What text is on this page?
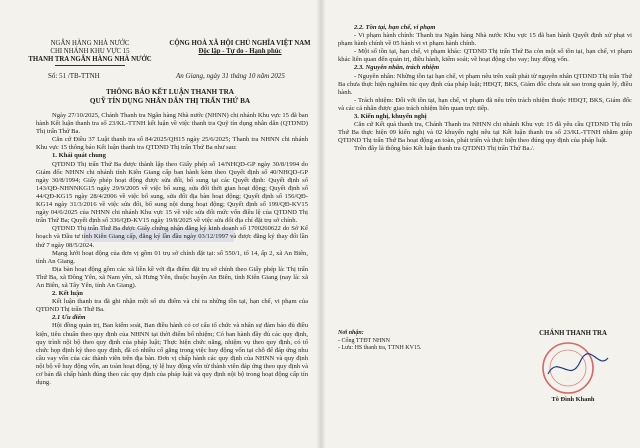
NGÂN HÀNG NHÀ NƯỚC
CHI NHÁNH KHU VỰC 15
THANH TRA NGÂN HÀNG NHÀ NƯỚC
Số: 51 /TB-TTNH
CỘNG HOÀ XÃ HỘI CHỦ NGHĨA VIỆT NAM
Độc lập - Tự do - Hạnh phúc
An Giang, ngày 31 tháng 10 năm 2025
THÔNG BÁO KẾT LUẬN THANH TRA
QUỸ TÍN DỤNG NHÂN DÂN THỊ TRẤN THỨ BA

Ngày 27/10/2025, Chánh Thanh tra Ngân hàng Nhà nước (NHNN) chi nhánh Khu vực 15 đã ban hành Kết luận thanh tra số 23/KL-TTNH kết luận về việc thanh tra Quỹ tín dụng nhân dân (QTDND) Thị trấn Thứ Ba.

Căn cứ Điều 37 Luật thanh tra số 84/2025/QH15 ngày 25/6/2025; Thanh tra NHNN chi nhánh Khu vực 15 thông báo Kết luận thanh tra QTDND Thị trấn Thứ Ba như sau:

1. Khái quát chung

QTDND Thị trấn Thứ Ba được thành lập theo Giấy phép số 14/NHQD-GP ngày 30/8/1994 do Giám đốc NHNN chi nhánh tỉnh Kiên Giang cấp ban hành kèm theo Quyết định số 40/NHQD-GP ngày 30/8/1994; Giấy phép hoạt động được sửa đổi, bổ sung tại các Quyết định: Quyết định số 143/QĐ-NHNNKG15 ngày 29/9/2005 về việc bổ sung, sửa đổi thời gian hoạt động; Quyết định số 44/QĐ-KG15 ngày 28/4/2006 về việc bổ sung, sửa đổi địa bàn hoạt động; Quyết định số 156/QĐ-KG14 ngày 31/3/2016 về việc sửa đổi, bổ sung nội dung hoạt động; Quyết định số 199/QĐ-KV15 ngày 04/6/2025 của NHNN chi nhánh Khu vực 15 về việc sửa đổi mức vốn điều lệ của QTDND Thị trấn Thứ Ba; Quyết định số 336/QĐ-KV15 ngày 19/8/2025 về việc sửa đổi địa chỉ đặt trụ sở chính.

QTDND Thị trấn Thứ Ba được Giấy chứng nhận đăng ký kinh doanh số 1700260622 do Sở Kế hoạch và Đầu tư tỉnh Kiên Giang cấp, đăng ký lần đầu ngày 03/12/1997 và được đăng ký thay đổi lần thứ 7 ngày 08/5/2024.

Mạng lưới hoạt động của đơn vị gồm 01 trụ sở chính đặt tại: số 550/1, tổ 14, ấp 2, xã An Biên, tỉnh An Giang.

Địa bàn hoạt động gồm các xã liền kề với địa điểm đặt trụ sở chính theo Giấy phép là: Thị trấn Thứ Ba, xã Đông Yên, xã Nam yên, xã Hưng Yên, thuộc huyện An Biên, tỉnh Kiên Giang (nay là: xã An Biên, xã Tây Yên, tỉnh An Giang).

2. Kết luận

Kết luận thanh tra đã ghi nhận một số ưu điểm và chỉ ra những tồn tại, hạn chế, vi phạm của QTDND Thị trấn Thứ Ba.

2.1 Ưu điểm

Hội đồng quản trị, Ban kiểm soát, Ban điều hành có cơ cấu tổ chức và nhân sự đảm bảo đủ điều kiện, tiêu chuẩn theo quy định của NHNN tại thời điểm bổ nhiệm; Có ban hành đầy đủ các quy định, quy trình nội bộ theo quy định của pháp luật; Thực hiện chức năng, nhiệm vụ theo quy định, có tổ chức họp định kỳ theo quy định, đã có nhiều cố gắng trong việc huy động vốn tại chỗ để đáp ứng nhu cầu vay vốn của các thành viên trên địa bàn. Đơn vị chấp hành các quy định của NHNN và quy định nội bộ về huy động vốn, an toàn hoạt động, tỷ lệ huy động vốn từ thành viên đáp ứng theo quy định và cơ bản đã chấp hành đúng theo các quy định của pháp luật và quy định nội bộ trong hoạt động cấp tín dụng.

2.2. Tồn tại, hạn chế, vi phạm

- Vi phạm hành chính: Thanh tra Ngân hàng Nhà nước Khu vực 15 đã ban hành Quyết định xử phạt vi phạm hành chính về 05 hành vi vi phạm hành chính.

- Một số tồn tại, hạn chế, vi phạm khác: QTDND Thị trấn Thứ Ba còn một số tồn tại, hạn chế, vi phạm khác liên quan đến quản trị, điều hành, kiểm soát; về hoạt động cho vay; huy động vốn.

2.3. Nguyên nhân, trách nhiệm

- Nguyên nhân: Những tồn tại hạn chế, vi phạm nêu trên xuất phát từ nguyên nhân QTDND Thị trấn Thứ Ba chưa thực hiện nghiêm túc quy định của pháp luật; HĐQT, BKS, Giám đốc chưa sát sao trong quản lý, điều hành.

- Trách nhiệm: Đối với tồn tại, hạn chế, vi phạm đã nêu trên trách nhiệm thuộc HĐQT, BKS, Giám đốc và các cá nhân được giao trách nhiệm liên quan trực tiếp.

3. Kiến nghị, khuyến nghị

Căn cứ Kết quả thanh tra, Chánh Thanh tra NHNN chi nhánh Khu vực 15 đã yêu cầu QTDND Thị trấn Thứ Ba thực hiện 09 kiến nghị và 02 khuyến nghị nêu tại Kết luận thanh tra số 23/KL-TTNH nhằm giúp QTDND Thị trấn Thứ Ba hoạt động an toàn, phát triển và thực hiện theo đúng quy định của pháp luật.

Trên đây là thông báo Kết luận thanh tra QTDND Thị trấn Thứ Ba./.

Nơi nhận:
- Cổng TTĐT NHNN
- Lưu: HS thanh tra, TTNH KV15.
CHÁNH THANH TRA
Tô Đình Khanh
